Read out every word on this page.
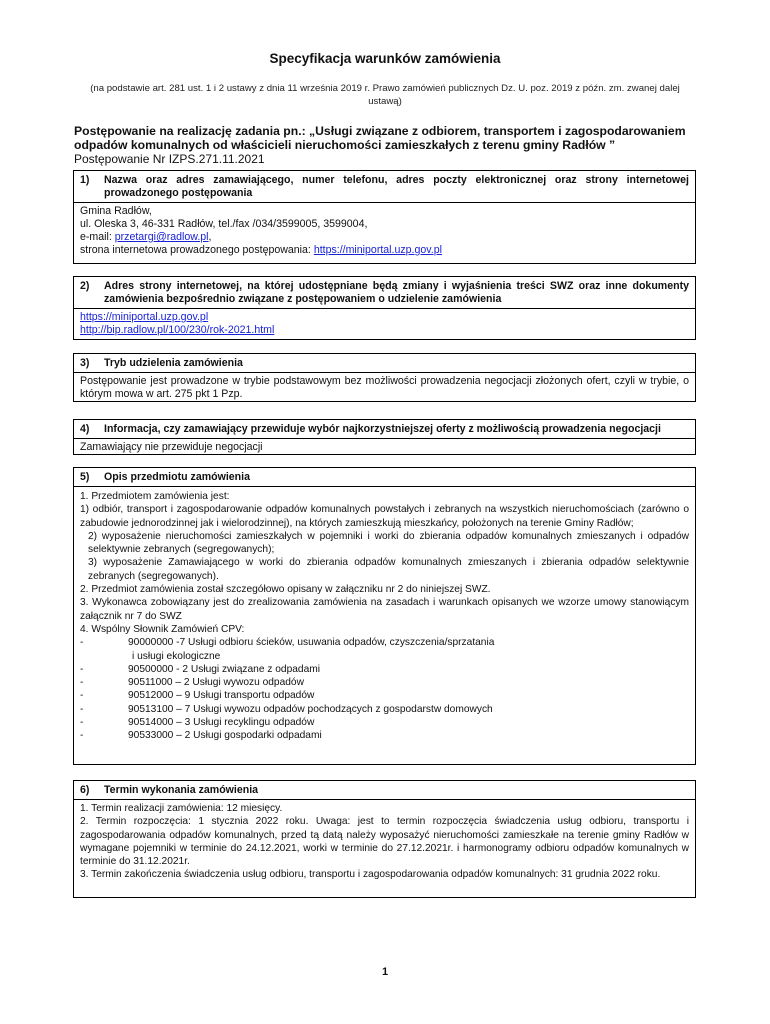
Specyfikacja warunków zamówienia
(na podstawie art. 281 ust. 1 i 2 ustawy z dnia 11 września 2019 r. Prawo zamówień publicznych Dz. U. poz. 2019 z późn. zm. zwanej dalej ustawą)
Postępowanie na realizację zadania pn.: „Usługi związane z odbiorem, transportem i zagospodarowaniem odpadów komunalnych od właścicieli nieruchomości zamieszkałych z terenu gminy Radłów ”
Postępowanie Nr IZPS.271.11.2021
1)	Nazwa oraz adres zamawiającego, numer telefonu, adres poczty elektronicznej oraz strony internetowej prowadzonego postępowania
Gmina Radłów,
ul. Oleska 3, 46-331 Radłów, tel./fax /034/3599005, 3599004,
e-mail: przetargi@radlow.pl,
strona internetowa prowadzonego postępowania: https://miniportal.uzp.gov.pl
2)	Adres strony internetowej, na której udostępniane będą zmiany i wyjaśnienia treści SWZ oraz inne dokumenty zamówienia bezpośrednio związane z postępowaniem o udzielenie zamówienia
https://miniportal.uzp.gov.pl
http://bip.radlow.pl/100/230/rok-2021.html
3)	Tryb udzielenia zamówienia
Postępowanie jest prowadzone w trybie podstawowym bez możliwości prowadzenia negocjacji złożonych ofert, czyli w trybie, o którym mowa w art. 275 pkt 1 Pzp.
4)	Informacja, czy zamawiający przewiduje wybór najkorzystniejszej oferty z możliwością prowadzenia negocjacji
Zamawiający nie przewiduje negocjacji
5)	Opis przedmiotu zamówienia
1. Przedmiotem zamówienia jest:
1) odbiór, transport i zagospodarowanie odpadów komunalnych powstałych i zebranych na wszystkich nieruchomościach (zarówno o zabudowie jednorodzinnej jak i wielorodzinnej), na których zamieszkują mieszkańcy, położonych na terenie Gminy Radłów;
2) wyposażenie nieruchomości zamieszkałych w pojemniki i worki do zbierania odpadów komunalnych zmieszanych i odpadów selektywnie zebranych (segregowanych);
3) wyposażenie Zamawiającego w worki do zbierania odpadów komunalnych zmieszanych i zbierania odpadów selektywnie zebranych (segregowanych).
2. Przedmiot zamówienia został szczegółowo opisany w załączniku nr 2 do niniejszej SWZ.
3. Wykonawca zobowiązany jest do zrealizowania zamówienia na zasadach i warunkach opisanych we wzorze umowy stanowiącym załącznik nr 7 do SWZ
4. Wspólny Słownik Zamówień CPV:
-	90000000 -7 Usługi odbioru ścieków, usuwania odpadów, czyszczenia/sprzatania
i usługi ekologiczne
-	90500000 - 2 Usługi związane z odpadami
-	90511000 – 2 Usługi wywozu odpadów
-	90512000 – 9 Usługi transportu odpadów
-	90513100 – 7 Usługi wywozu odpadów pochodzących z gospodarstw domowych
-	90514000 – 3 Usługi recyklingu odpadów
-	90533000 – 2 Usługi gospodarki odpadami
6)	Termin wykonania zamówienia
1. Termin realizacji zamówienia: 12 miesięcy.
2. Termin rozpoczęcia: 1 stycznia 2022 roku. Uwaga: jest to termin rozpoczęcia świadczenia usług odbioru, transportu i zagospodarowania odpadów komunalnych, przed tą datą należy wyposażyć nieruchomości zamieszkałe na terenie gminy Radłów w wymagane pojemniki w terminie do 24.12.2021, worki w terminie do 27.12.2021r. i harmonogramy odbioru odpadów komunalnych w terminie do 31.12.2021r.
3. Termin zakończenia świadczenia usług odbioru, transportu i zagospodarowania odpadów komunalnych: 31 grudnia 2022 roku.
1
